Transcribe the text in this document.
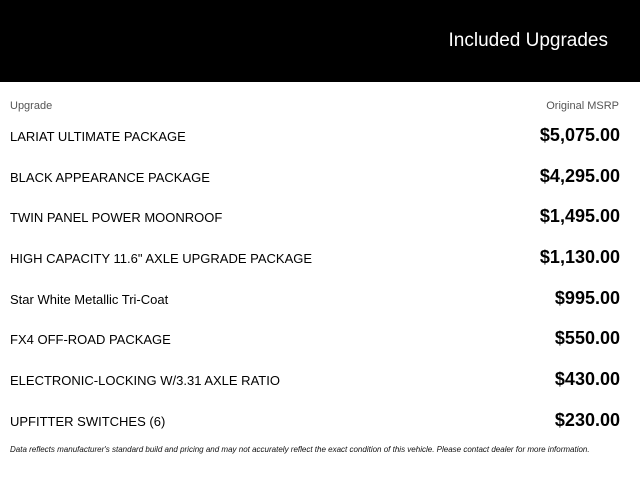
Included Upgrades
Upgrade	Original MSRP
LARIAT ULTIMATE PACKAGE	$5,075.00
BLACK APPEARANCE PACKAGE	$4,295.00
TWIN PANEL POWER MOONROOF	$1,495.00
HIGH CAPACITY 11.6" AXLE UPGRADE PACKAGE	$1,130.00
Star White Metallic Tri-Coat	$995.00
FX4 OFF-ROAD PACKAGE	$550.00
ELECTRONIC-LOCKING W/3.31 AXLE RATIO	$430.00
UPFITTER SWITCHES (6)	$230.00
Data reflects manufacturer's standard build and pricing and may not accurately reflect the exact condition of this vehicle. Please contact dealer for more information.
